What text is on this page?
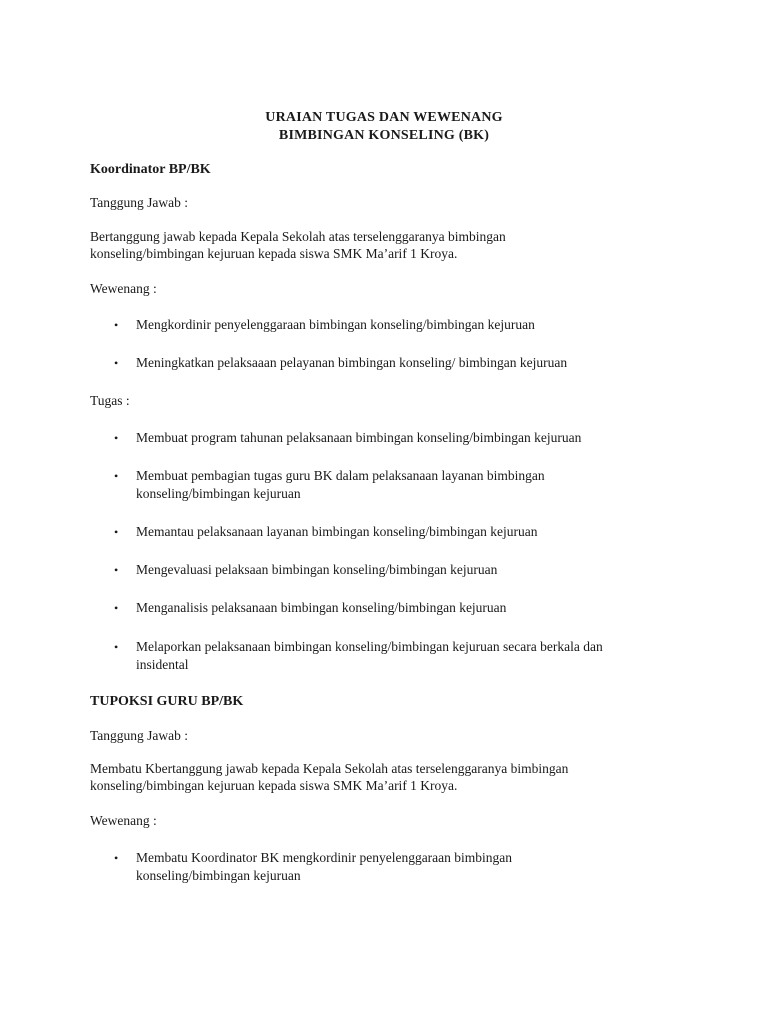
URAIAN TUGAS DAN WEWENANG
BIMBINGAN KONSELING (BK)
Koordinator BP/BK
Tanggung Jawab :
Bertanggung jawab kepada Kepala Sekolah atas terselenggaranya bimbingan
konseling/bimbingan kejuruan kepada siswa SMK Ma’arif 1 Kroya.
Wewenang :
• Mengkordinir penyelenggaraan bimbingan konseling/bimbingan kejuruan
• Meningkatkan pelaksaaan pelayanan bimbingan konseling/ bimbingan kejuruan
Tugas :
• Membuat program tahunan pelaksanaan bimbingan konseling/bimbingan kejuruan
• Membuat pembagian tugas guru BK dalam pelaksanaan layanan bimbingan
konseling/bimbingan kejuruan
• Memantau pelaksanaan layanan bimbingan konseling/bimbingan kejuruan
• Mengevaluasi pelaksaan bimbingan konseling/bimbingan kejuruan
• Menganalisis pelaksanaan bimbingan konseling/bimbingan kejuruan
• Melaporkan pelaksanaan bimbingan konseling/bimbingan kejuruan secara berkala dan
insidental
TUPOKSI GURU BP/BK
Tanggung Jawab :
Membatu Kbertanggung jawab kepada Kepala Sekolah atas terselenggaranya bimbingan
konseling/bimbingan kejuruan kepada siswa SMK Ma’arif 1 Kroya.
Wewenang :
• Membatu Koordinator BK mengkordinir penyelenggaraan bimbingan
konseling/bimbingan kejuruan
